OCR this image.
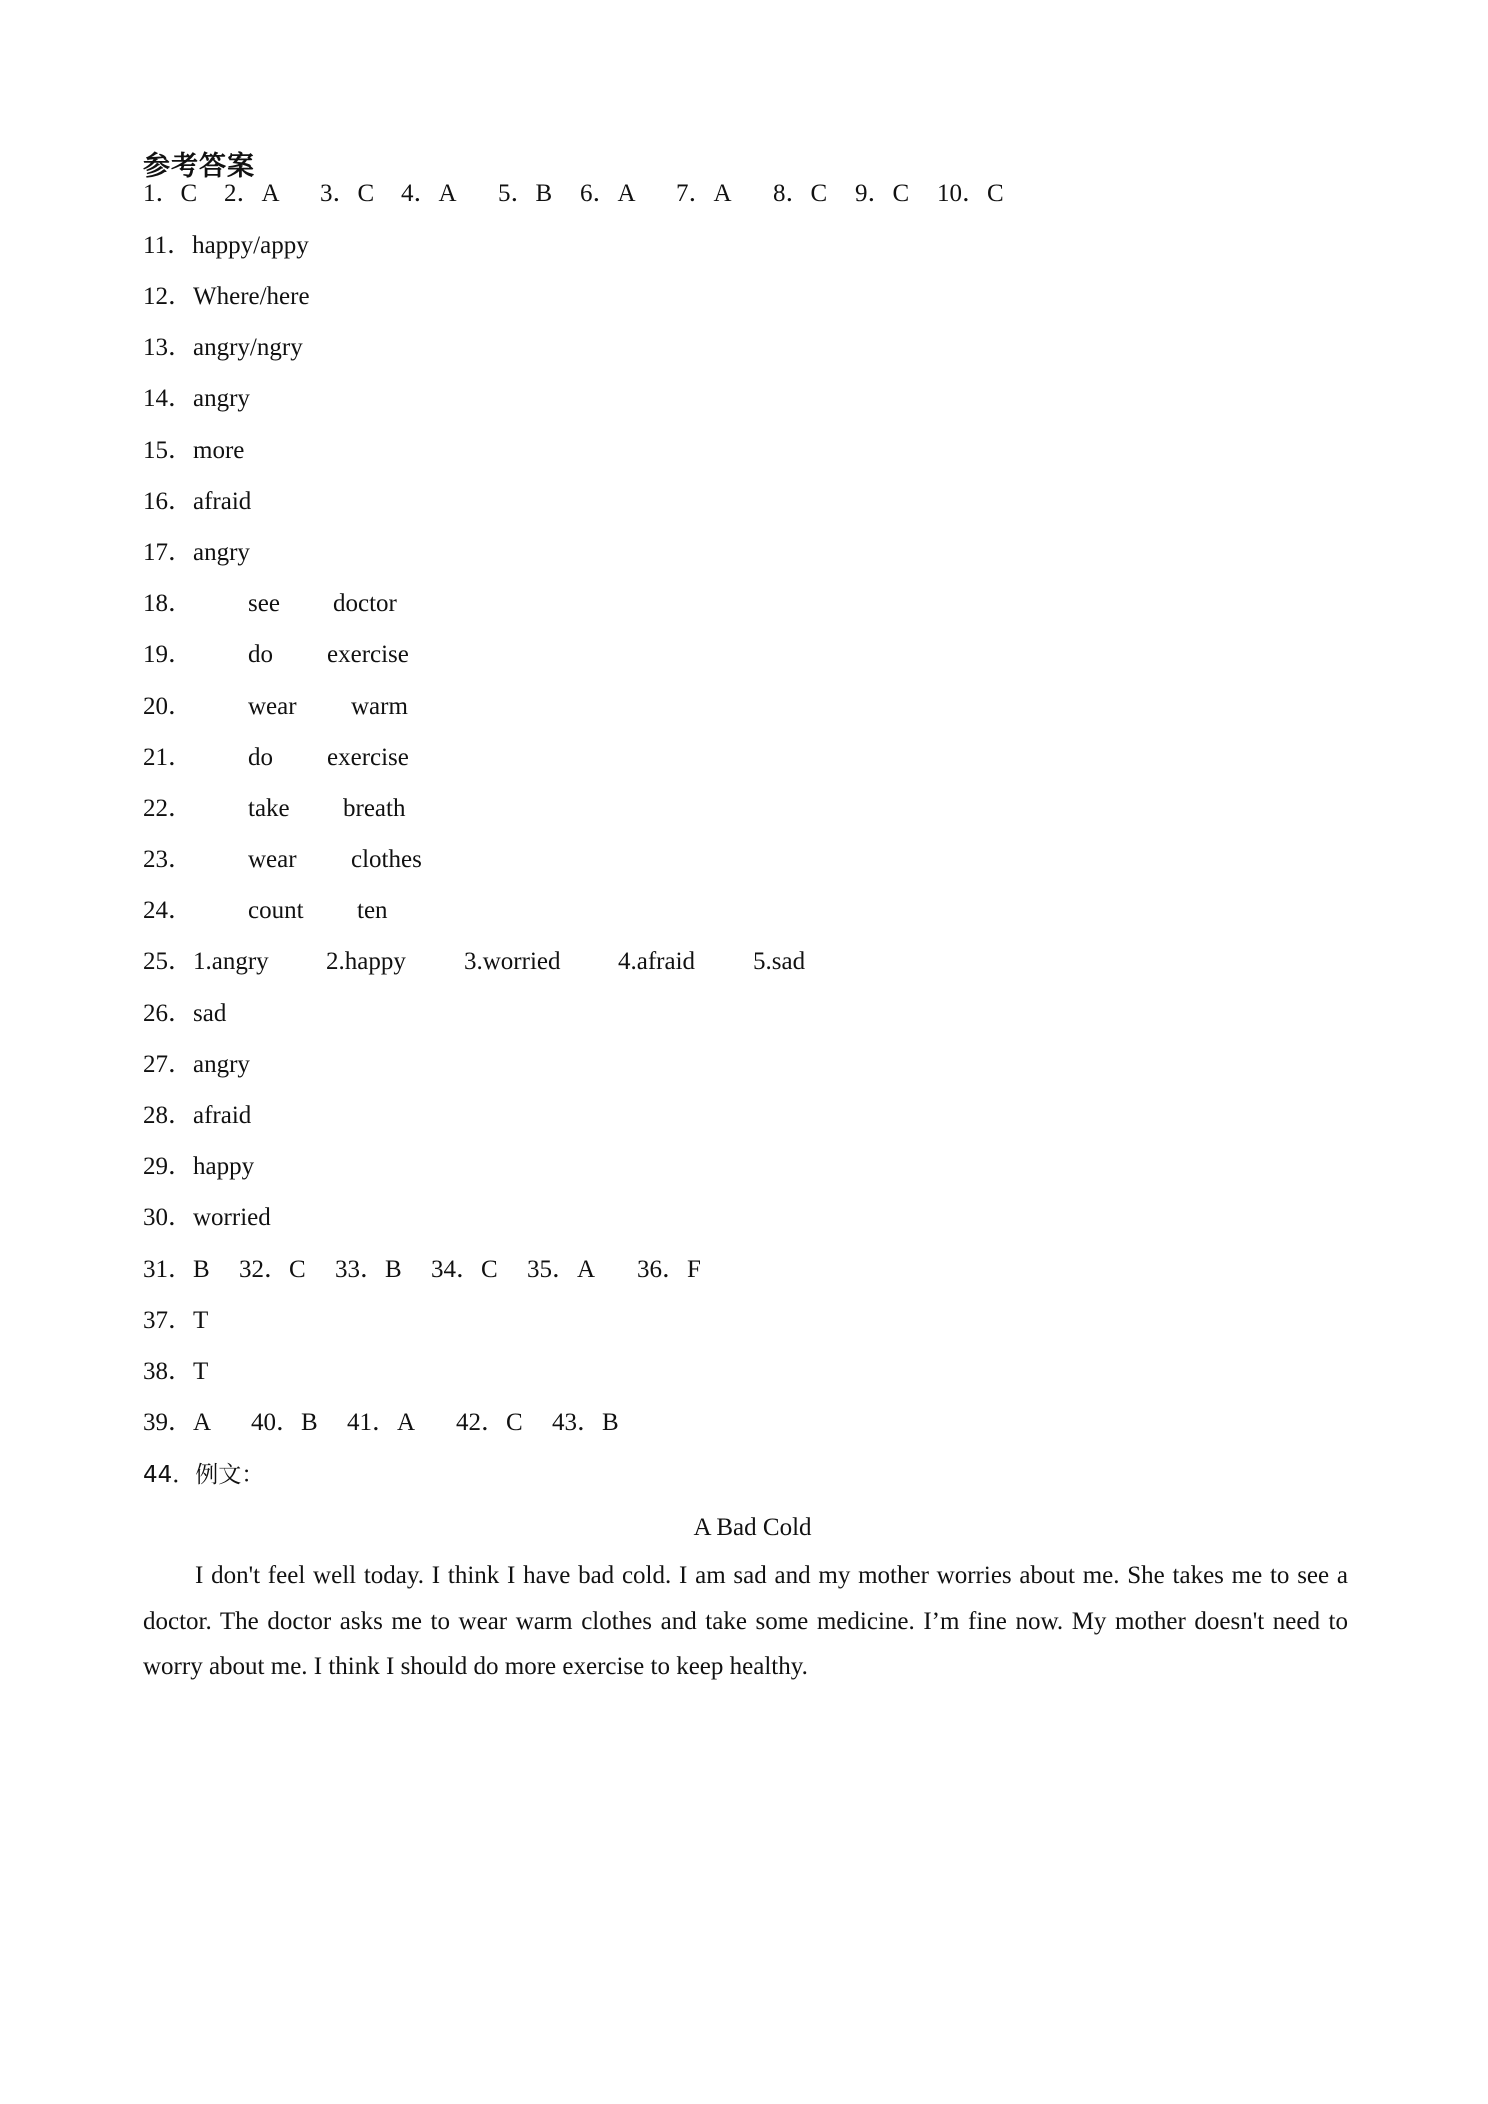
参考答案
1．C 2．A 3．C 4．A 5．B 6．A 7．A 8．C 9．C 10．C
11．happy/appy
12．Where/here
13．angry/ngry
14．angry
15．more
16．afraid
17．angry
18． see doctor
19． do exercise
20． wear warm
21． do exercise
22． take breath
23． wear clothes
24． count ten
25．1.angry 2.happy 3.worried 4.afraid 5.sad
26．sad
27．angry
28．afraid
29．happy
30．worried
31．B 32．C 33．B 34．C 35．A 36．F
37．T
38．T
39．A 40．B 41．A 42．C 43．B
44．例文：
A Bad Cold
I don't feel well today. I think I have bad cold. I am sad and my mother worries about me. She takes me to see a doctor. The doctor asks me to wear warm clothes and take some medicine. I’m fine now. My mother doesn't need to worry about me. I think I should do more exercise to keep healthy.
